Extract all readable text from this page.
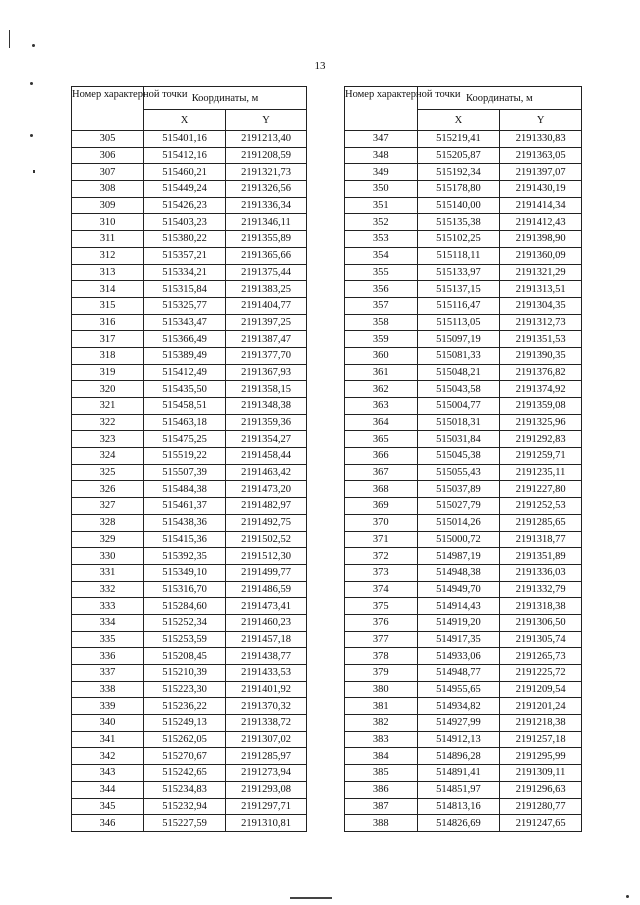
13
Номер характерной точки	Координаты, м	
	X	Y
305	515401,16	2191213,40
306	515412,16	2191208,59
307	515460,21	2191321,73
308	515449,24	2191326,56
309	515426,23	2191336,34
310	515403,23	2191346,11
311	515380,22	2191355,89
312	515357,21	2191365,66
313	515334,21	2191375,44
314	515315,84	2191383,25
315	515325,77	2191404,77
316	515343,47	2191397,25
317	515366,49	2191387,47
318	515389,49	2191377,70
319	515412,49	2191367,93
320	515435,50	2191358,15
321	515458,51	2191348,38
322	515463,18	2191359,36
323	515475,25	2191354,27
324	515519,22	2191458,44
325	515507,39	2191463,42
326	515484,38	2191473,20
327	515461,37	2191482,97
328	515438,36	2191492,75
329	515415,36	2191502,52
330	515392,35	2191512,30
331	515349,10	2191499,77
332	515316,70	2191486,59
333	515284,60	2191473,41
334	515252,34	2191460,23
335	515253,59	2191457,18
336	515208,45	2191438,77
337	515210,39	2191433,53
338	515223,30	2191401,92
339	515236,22	2191370,32
340	515249,13	2191338,72
341	515262,05	2191307,02
342	515270,67	2191285,97
343	515242,65	2191273,94
344	515234,83	2191293,08
345	515232,94	2191297,71
346	515227,59	2191310,81
Номер характерной точки	Координаты, м	
	X	Y
347	515219,41	2191330,83
348	515205,87	2191363,05
349	515192,34	2191397,07
350	515178,80	2191430,19
351	515140,00	2191414,34
352	515135,38	2191412,43
353	515102,25	2191398,90
354	515118,11	2191360,09
355	515133,97	2191321,29
356	515137,15	2191313,51
357	515116,47	2191304,35
358	515113,05	2191312,73
359	515097,19	2191351,53
360	515081,33	2191390,35
361	515048,21	2191376,82
362	515043,58	2191374,92
363	515004,77	2191359,08
364	515018,31	2191325,96
365	515031,84	2191292,83
366	515045,38	2191259,71
367	515055,43	2191235,11
368	515037,89	2191227,80
369	515027,79	2191252,53
370	515014,26	2191285,65
371	515000,72	2191318,77
372	514987,19	2191351,89
373	514948,38	2191336,03
374	514949,70	2191332,79
375	514914,43	2191318,38
376	514919,20	2191306,50
377	514917,35	2191305,74
378	514933,06	2191265,73
379	514948,77	2191225,72
380	514955,65	2191209,54
381	514934,82	2191201,24
382	514927,99	2191218,38
383	514912,13	2191257,18
384	514896,28	2191295,99
385	514891,41	2191309,11
386	514851,97	2191296,63
387	514813,16	2191280,77
388	514826,69	2191247,65
